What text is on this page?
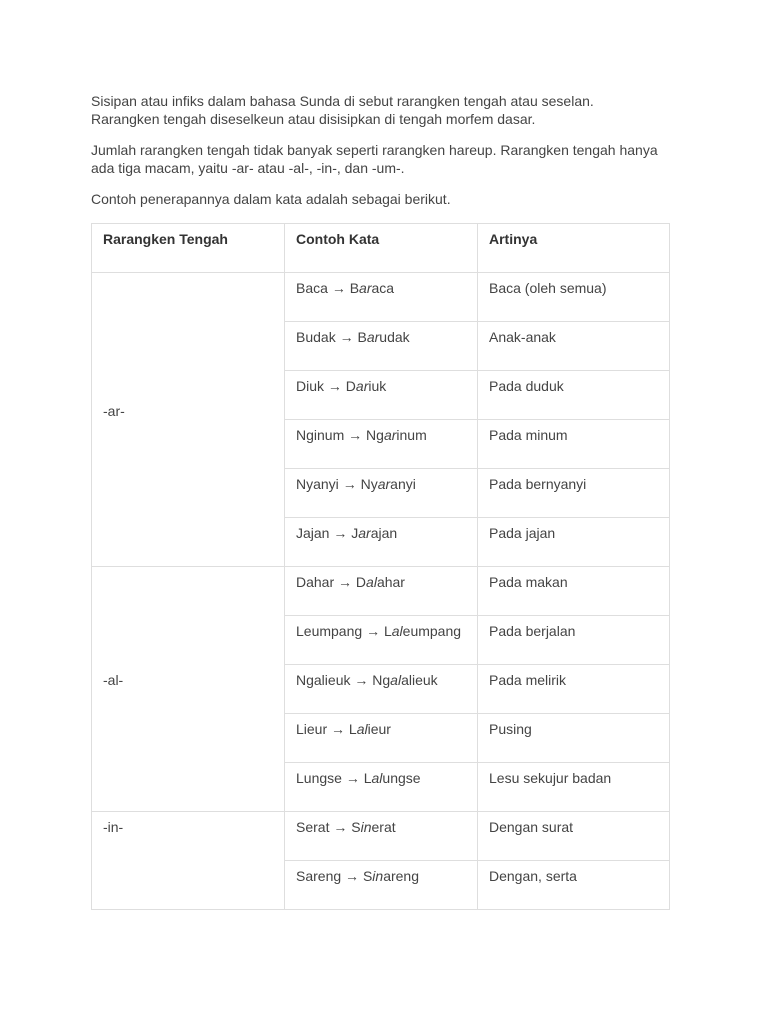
Sisipan atau infiks dalam bahasa Sunda di sebut rarangken tengah atau seselan.
Rarangken tengah diseselkeun atau disisipkan di tengah morfem dasar.

Jumlah rarangken tengah tidak banyak seperti rarangken hareup. Rarangken tengah hanya
ada tiga macam, yaitu -ar- atau -al-, -in-, dan -um-.

Contoh penerapannya dalam kata adalah sebagai berikut.

Rarangken Tengah	Contoh Kata	Artinya
-ar-	Baca → Baraca	Baca (oleh semua)
	Budak → Barudak	Anak-anak
	Diuk → Dariuk	Pada duduk
	Nginum → Ngarinum	Pada minum
	Nyanyi → Nyaranyi	Pada bernyanyi
	Jajan → Jarajan	Pada jajan
-al-	Dahar → Dalahar	Pada makan
	Leumpang → Laleumpang	Pada berjalan
	Ngalieuk → Ngalalieuk	Pada melirik
	Lieur → Lalieur	Pusing
	Lungse → Lalungse	Lesu sekujur badan
-in-	Serat → Sinerat	Dengan surat
	Sareng → Sinareng	Dengan, serta
